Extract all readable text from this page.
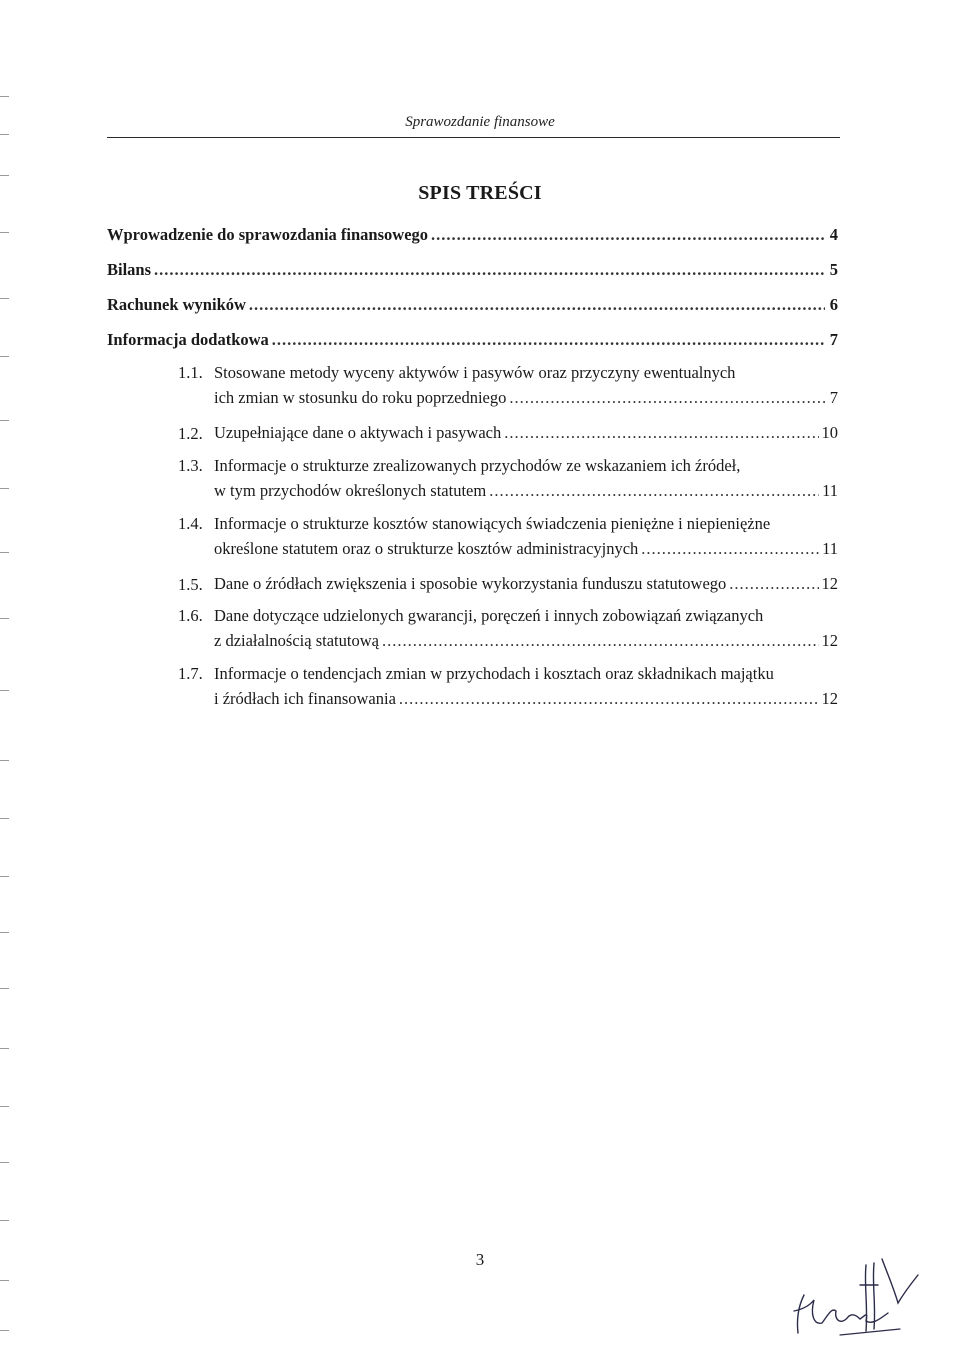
Sprawozdanie finansowe
SPIS TREŚCI
Wprowadzenie do sprawozdania finansowego .....	4
Bilans .....	5
Rachunek wyników .....	6
Informacja dodatkowa .....	7
1.1. Stosowane metody wyceny aktywów i pasywów oraz przyczyny ewentualnych
ich zmian w stosunku do roku poprzedniego .....	7
1.2. Uzupełniające dane o aktywach i pasywach .....	10
1.3. Informacje o strukturze zrealizowanych przychodów ze wskazaniem ich źródeł,
w tym przychodów określonych statutem .....	11
1.4. Informacje o strukturze kosztów stanowiących świadczenia pieniężne i niepieniężne
określone statutem oraz o strukturze kosztów administracyjnych .....	11
1.5. Dane o źródłach zwiększenia i sposobie wykorzystania funduszu statutowego .....	12
1.6. Dane dotyczące udzielonych gwarancji, poręczeń i innych zobowiązań związanych
z działalnością statutową .....	12
1.7. Informacje o tendencjach zmian w przychodach i kosztach oraz składnikach majątku
i źródłach ich finansowania .....	12
3
